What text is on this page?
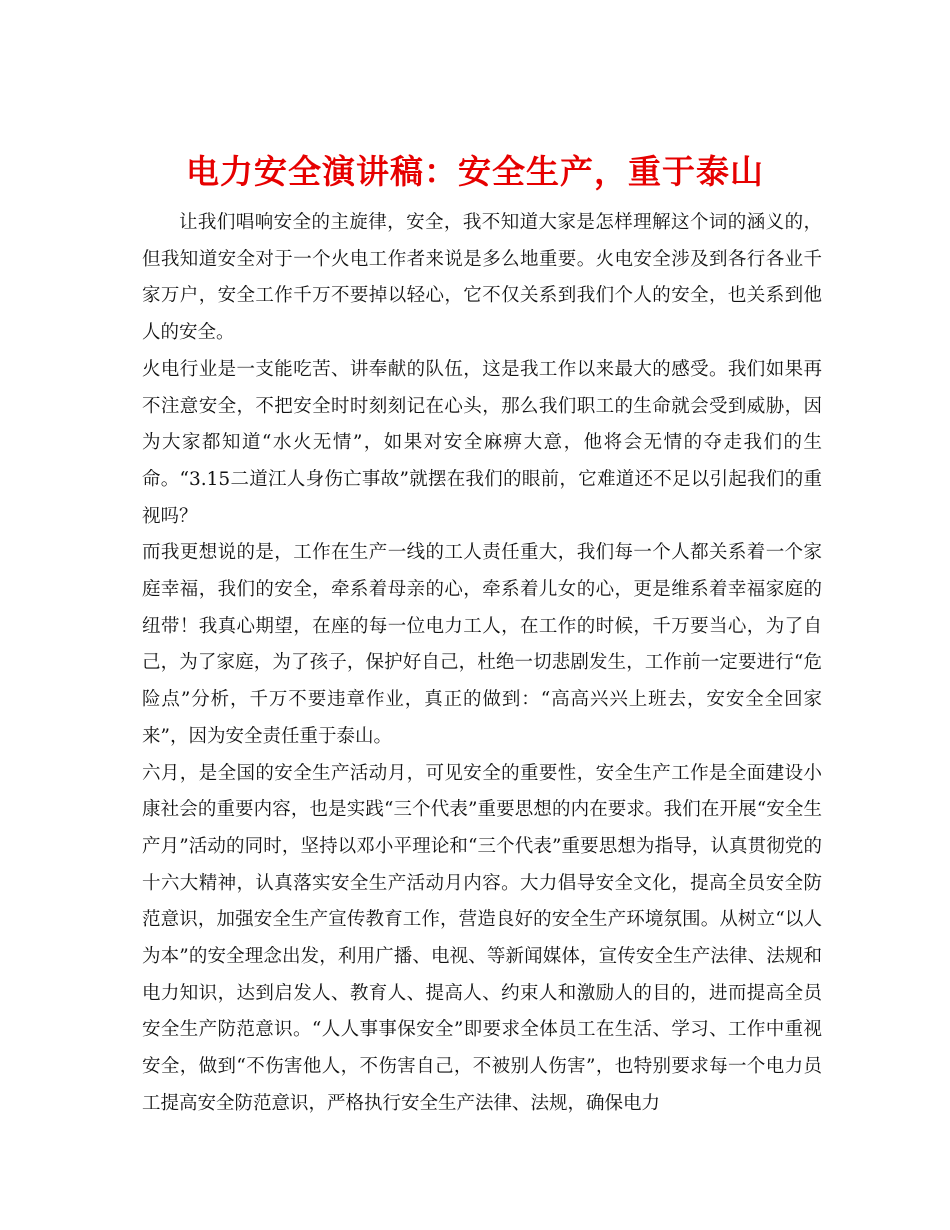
电力安全演讲稿：安全生产，重于泰山

让我们唱响安全的主旋律，安全，我不知道大家是怎样理解这个词的涵义的，但我知道安全对于一个火电工作者来说是多么地重要。火电安全涉及到各行各业千家万户，安全工作千万不要掉以轻心，它不仅关系到我们个人的安全，也关系到他人的安全。

火电行业是一支能吃苦、讲奉献的队伍，这是我工作以来最大的感受。我们如果再不注意安全，不把安全时时刻刻记在心头，那么我们职工的生命就会受到威胁，因为大家都知道“水火无情”，如果对安全麻痹大意，他将会无情的夺走我们的生命。“3.15二道江人身伤亡事故”就摆在我们的眼前，它难道还不足以引起我们的重视吗？

而我更想说的是，工作在生产一线的工人责任重大，我们每一个人都关系着一个家庭幸福，我们的安全，牵系着母亲的心，牵系着儿女的心，更是维系着幸福家庭的纽带！我真心期望，在座的每一位电力工人，在工作的时候，千万要当心，为了自己，为了家庭，为了孩子，保护好自己，杜绝一切悲剧发生，工作前一定要进行“危险点”分析，千万不要违章作业，真正的做到：“高高兴兴上班去，安安全全回家来”，因为安全责任重于泰山。

六月，是全国的安全生产活动月，可见安全的重要性，安全生产工作是全面建设小康社会的重要内容，也是实践“三个代表”重要思想的内在要求。我们在开展“安全生产月”活动的同时，坚持以邓小平理论和“三个代表”重要思想为指导，认真贯彻党的十六大精神，认真落实安全生产活动月内容。大力倡导安全文化，提高全员安全防范意识，加强安全生产宣传教育工作，营造良好的安全生产环境氛围。从树立“以人为本”的安全理念出发，利用广播、电视、等新闻媒体，宣传安全生产法律、法规和电力知识，达到启发人、教育人、提高人、约束人和激励人的目的，进而提高全员安全生产防范意识。“人人事事保安全”即要求全体员工在生活、学习、工作中重视安全，做到“不伤害他人，不伤害自己，不被别人伤害”，也特别要求每一个电力员工提高安全防范意识，严格执行安全生产法律、法规，确保电力
